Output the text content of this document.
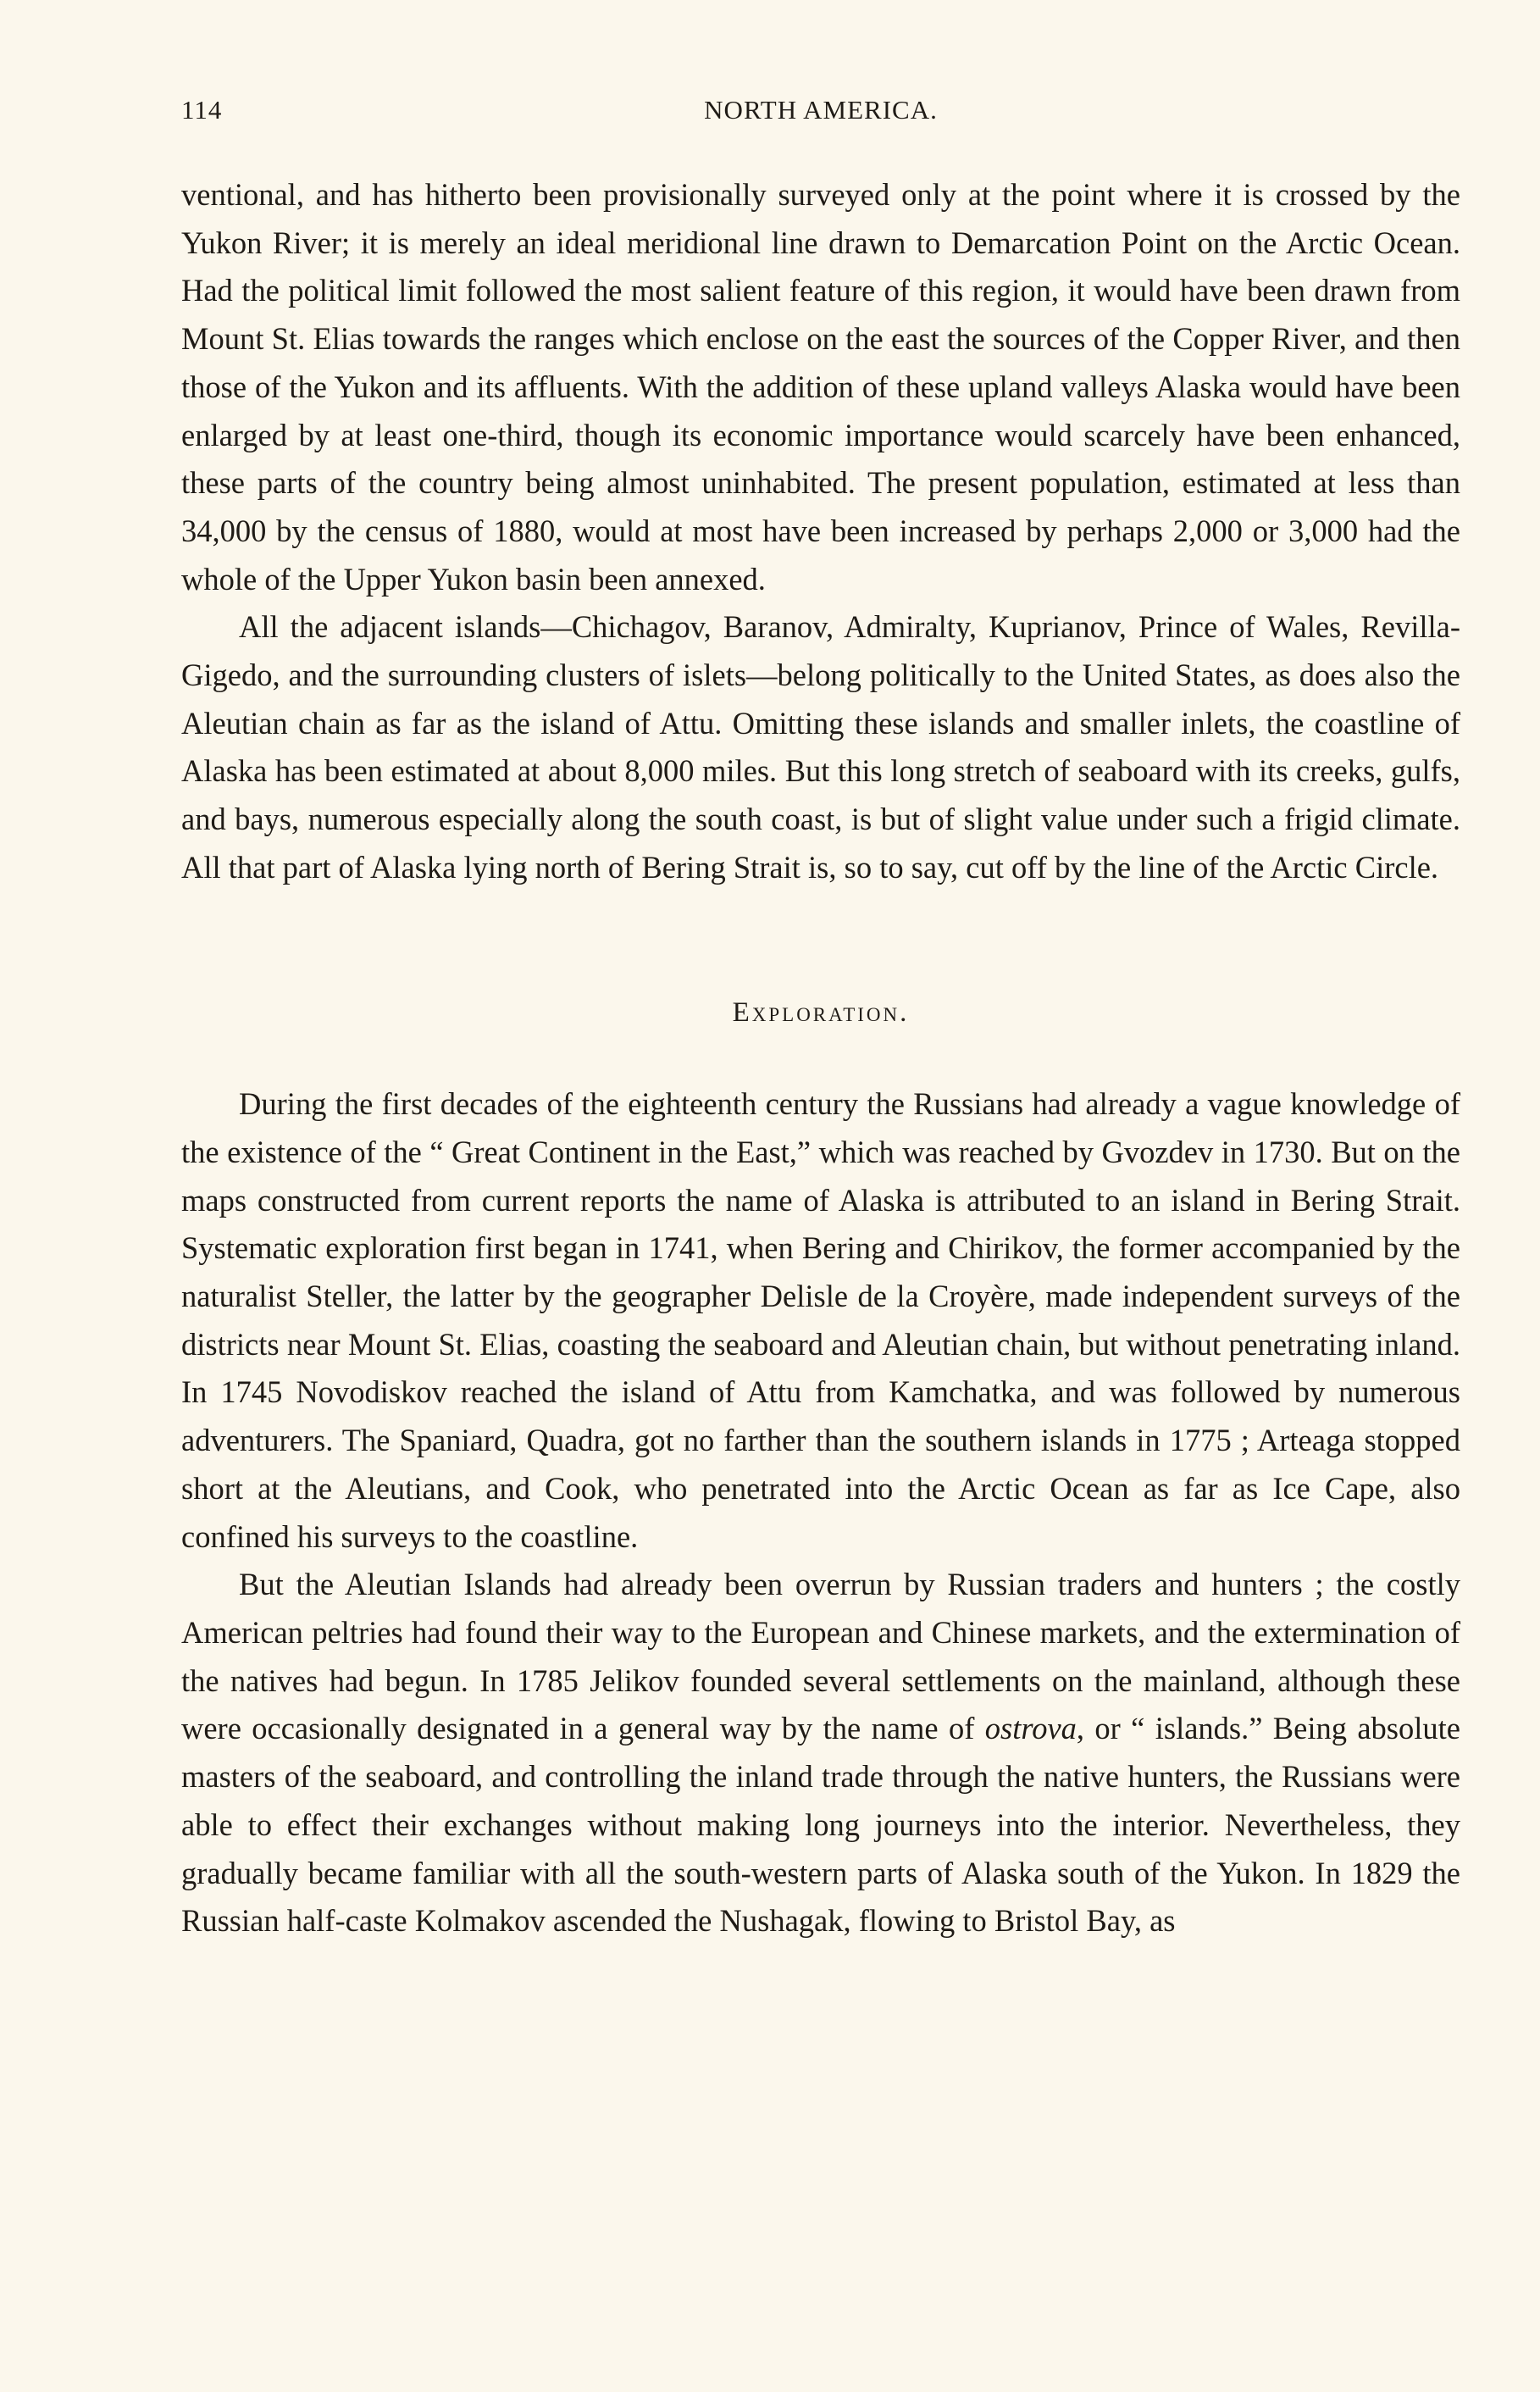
114	NORTH AMERICA.

ventional, and has hitherto been provisionally surveyed only at the point where it is crossed by the Yukon River; it is merely an ideal meridional line drawn to Demarcation Point on the Arctic Ocean. Had the political limit followed the most salient feature of this region, it would have been drawn from Mount St. Elias towards the ranges which enclose on the east the sources of the Copper River, and then those of the Yukon and its affluents. With the addition of these upland valleys Alaska would have been enlarged by at least one-third, though its economic importance would scarcely have been enhanced, these parts of the country being almost uninhabited. The present population, estimated at less than 34,000 by the census of 1880, would at most have been increased by perhaps 2,000 or 3,000 had the whole of the Upper Yukon basin been annexed.

All the adjacent islands—Chichagov, Baranov, Admiralty, Kuprianov, Prince of Wales, Revilla-Gigedo, and the surrounding clusters of islets—belong politically to the United States, as does also the Aleutian chain as far as the island of Attu. Omitting these islands and smaller inlets, the coastline of Alaska has been estimated at about 8,000 miles. But this long stretch of seaboard with its creeks, gulfs, and bays, numerous especially along the south coast, is but of slight value under such a frigid climate. All that part of Alaska lying north of Bering Strait is, so to say, cut off by the line of the Arctic Circle.

Exploration.

During the first decades of the eighteenth century the Russians had already a vague knowledge of the existence of the “ Great Continent in the East,” which was reached by Gvozdev in 1730. But on the maps constructed from current reports the name of Alaska is attributed to an island in Bering Strait. Systematic exploration first began in 1741, when Bering and Chirikov, the former accompanied by the naturalist Steller, the latter by the geographer Delisle de la Croyère, made independent surveys of the districts near Mount St. Elias, coasting the seaboard and Aleutian chain, but without penetrating inland. In 1745 Novodiskov reached the island of Attu from Kamchatka, and was followed by numerous adventurers. The Spaniard, Quadra, got no farther than the southern islands in 1775 ; Arteaga stopped short at the Aleutians, and Cook, who penetrated into the Arctic Ocean as far as Ice Cape, also confined his surveys to the coastline.

But the Aleutian Islands had already been overrun by Russian traders and hunters ; the costly American peltries had found their way to the European and Chinese markets, and the extermination of the natives had begun. In 1785 Jelikov founded several settlements on the mainland, although these were occasionally designated in a general way by the name of ostrova, or “ islands.” Being absolute masters of the seaboard, and controlling the inland trade through the native hunters, the Russians were able to effect their exchanges without making long journeys into the interior. Nevertheless, they gradually became familiar with all the south-western parts of Alaska south of the Yukon. In 1829 the Russian half-caste Kolmakov ascended the Nushagak, flowing to Bristol Bay, as
